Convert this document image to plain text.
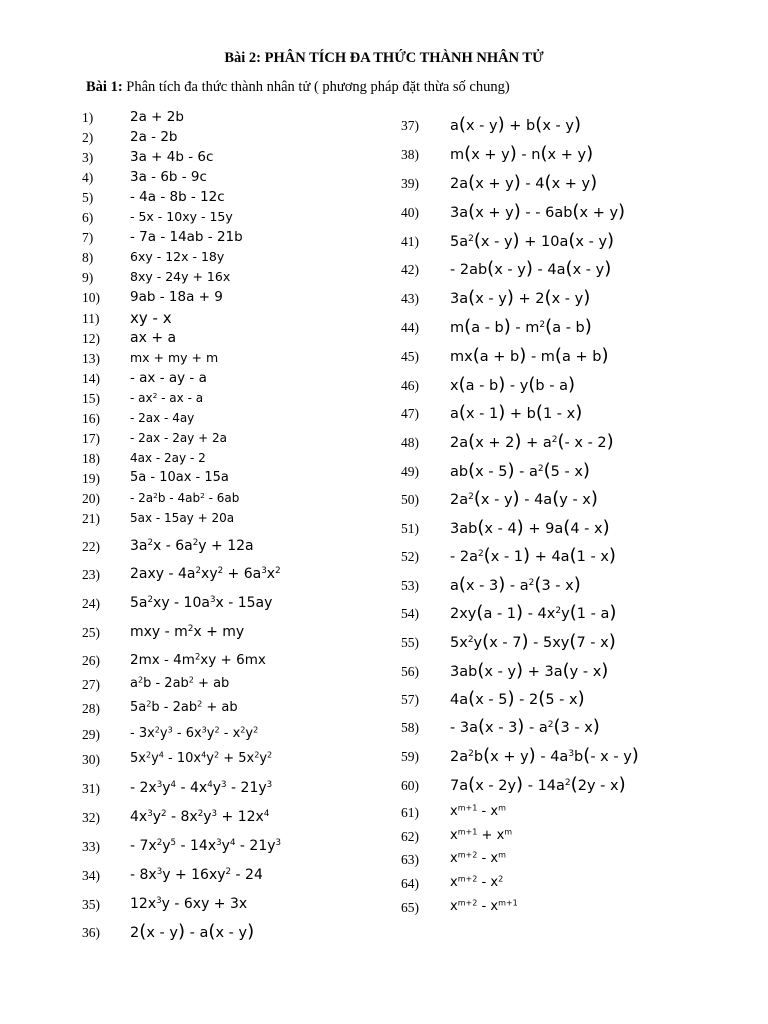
Bài 2: PHÂN TÍCH ĐA THỨC THÀNH NHÂN TỬ
Bài 1: Phân tích đa thức thành nhân tử ( phương pháp đặt thừa số chung)
1)	2a + 2b
2)	2a - 2b
3)	3a + 4b - 6c
4)	3a - 6b - 9c
5)	- 4a - 8b - 12c
6)	- 5x - 10xy - 15y
7)	- 7a - 14ab - 21b
8)	6xy - 12x - 18y
9)	8xy - 24y + 16x
10) 9ab - 18a + 9
11) xy - x
12) ax + a
13) mx + my + m
14) - ax - ay - a
15)	- $ax^2$ - ax - a
16)	- 2ax - 4ay
17)	- 2ax - 2ay + 2a
18)	4ax - 2ay - 2
19) 5a - 10ax - 15a
20)	- $2a^2b - 4ab^2 - 6ab$
21)	5ax - 15ay + 20a
22) $3a^2x - 6a^2y + 12a$
23) $2axy - 4a^2xy^2 + 6a^3x^2$
24) $5a^2xy - 10a^3x - 15ay$
25) mxy - $m^2x$ + my
26) $2mx - 4m^2xy + 6mx$
27) $a^2b - 2ab^2$ + ab
28) $5a^2b - 2ab^2$ + ab
$29) - 3x^2y^3 - 6x^3y^2 - x^2y^2$
30) $5x^2y^4 - 10x^4y^2 + 5x^2y^2$
$31) - 2x^3y^4 - 4x^4y^3 - 21y^3$
32) $4x^3y^2 - 8x^2y^3 + 12x^4$
$33) - 7x^2y^5 - 14x^3y^4 - 21y^3$
$34) - 8x^3y + 16xy^2 - 24$
35) $12x^3y - 6xy + 3x$
36) 2(x - y) - a(x - y)
37) a(x - y) + b(x - y)
38) m(x + y) - n(x + y)
39) 2a(x + y) - 4(x + y)
40) 3a(x + y) - - 6ab(x + y)
41) $5a^2(x - y) + 10a(x - y)$
42) - 2ab(x - y) - 4a(x - y)
43) 3a(x - y) + 2(x - y)
44) $m(a - b) - m^2(a - b)$
45) mx(a + b) - m(a + b)
46) x(a - b) - y(b - a)
47) a(x - 1) + b(1 - x)
48) $2a(x + 2) + a^2(-$ x - 2)
49) $ab(x - 5) - a^2(5 - x)$
50) $2a^2(x - y) - 4a(y - x)$
51) 3ab(x - 4) + 9a(4 - x)
$52) - 2a^2(x - 1) + 4a(1 - x)$
53) $a(x - 3) - a^2(3 - x)$
54) $2xy(a - 1) - 4x^2y(1 - a)$
55) $5x^2y(x - 7) - 5xy(7 - x)$
56) 3ab(x - y) + 3a(y - x)
57) 4a(x - 5) - 2(5 - x)
$58) - 3a(x - 3) - a^2(3 - x)$
59) $2a^2b(x + y) - 4a^3b(-$ x - y)
60) $7a(x - 2y) - 14a^2(2y - x)$
61) $x^{m+1} - x^m$
62) $x^{m+1} + x^m$
63) $x^{m+2} - x^m$
64) $x^{m+2} - x^2$
65) $x^{m+2} - x^{m+1}$
